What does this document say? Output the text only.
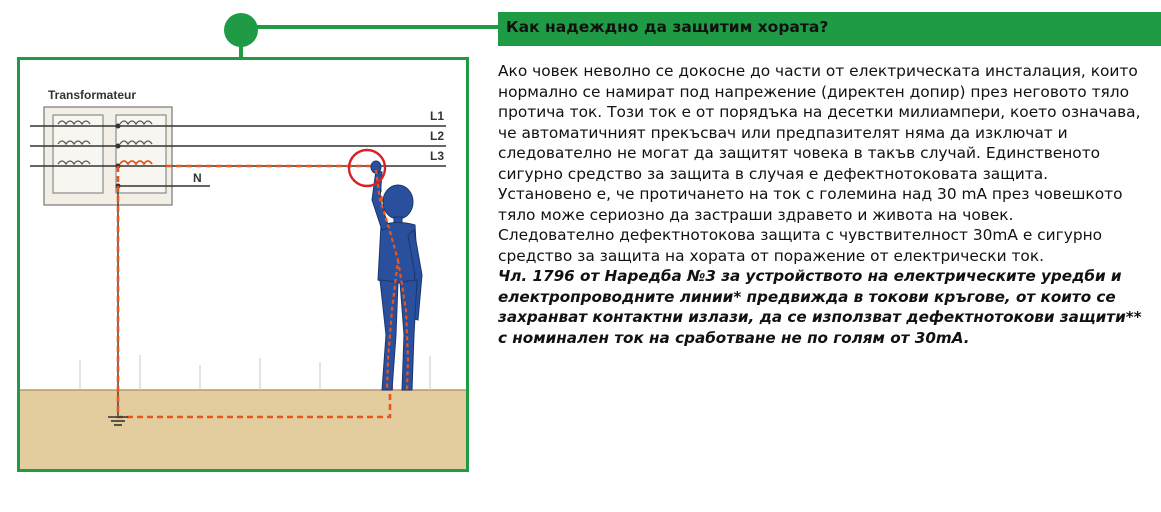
Как надеждно да защитим хората?
Transformateur
L1
L2
L3
N

Ако човек неволно се докосне до части от електрическата инсталация, които нормално се намират под напрежение (директен допир) през неговото тяло протича ток. Този ток е от порядъка на десетки милиампери, което означава, че автоматичният прекъсвач или предпазителят няма да изключат и следователно не могат да защитят човека в такъв случай. Единственото сигурно средство за защита в случая е дефектнотоковата защита.

Установено е, че протичането на ток с големина над 30 mA през човешкото тяло може сериозно да застраши здравето и живота на човек.

Следователно дефектнотокова защита с чувствителност 30mA е сигурно средство за защита на хората от поражение от електрически ток.

Чл. 1796 от Наредба №3 за устройството на електрическите уредби и електропроводните линии* предвижда в токови кръгове, от които се захранват контактни излази, да се използват дефектнотокови защити** с номинален ток на сработване не по голям от 30mA.
